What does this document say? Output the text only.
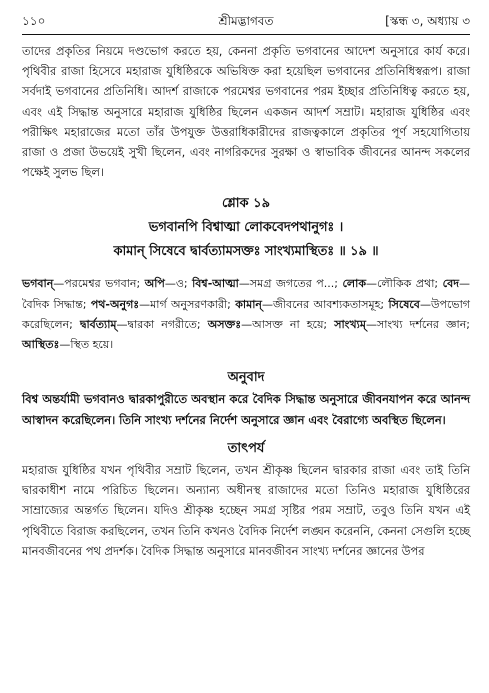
১১০	শ্রীমদ্ভাগবত	[স্কন্ধ ৩, অধ্যায় ৩

তাদের প্রকৃতির নিয়মে দণ্ডভোগ করতে হয়, কেননা প্রকৃতি ভগবানের আদেশ অনুসারে কার্য করে। পৃথিবীর রাজা হিসেবে মহারাজ যুধিষ্ঠিরকে অভিষিক্ত করা হয়েছিল ভগবানের প্রতিনিধিস্বরূপ। রাজা সর্বদাই ভগবানের প্রতিনিধি। আদর্শ রাজাকে পরমেশ্বর ভগবানের পরম ইচ্ছার প্রতিনিধিত্ব করতে হয়, এবং এই সিদ্ধান্ত অনুসারে মহারাজ যুধিষ্ঠির ছিলেন একজন আদর্শ সম্রাট। মহারাজ যুধিষ্ঠির এবং পরীক্ষিৎ মহারাজের মতো তাঁর উপযুক্ত উত্তরাধিকারীদের রাজত্বকালে প্রকৃতির পূর্ণ সহযোগিতায় রাজা ও প্রজা উভয়েই সুখী ছিলেন, এবং নাগরিকদের সুরক্ষা ও স্বাভাবিক জীবনের আনন্দ সকলের পক্ষেই সুলভ ছিল।

শ্লোক ১৯
ভগবানপি বিশ্বাত্মা লোকবেদপথানুগঃ ।
কামান্ সিষেবে দ্বার্বত্যামসক্তঃ সাংখ্যমাস্থিতঃ ॥ ১৯ ॥

ভগবান্—পরমেশ্বর ভগবান; অপি—ও; বিশ্ব-আত্মা—সমগ্র জগতের প...; লোক—লৌকিক প্রথা; বেদ—বৈদিক সিদ্ধান্ত; পথ-অনুগঃ—মার্গ অনুসরণকারী; কামান্—জীবনের আবশ্যকতাসমূহ; সিষেবে—উপভোগ করেছিলেন; দ্বার্বত্যাম্—দ্বারকা নগরীতে; অসক্তঃ—আসক্ত না হয়ে; সাংখ্যম্—সাংখ্য দর্শনের জ্ঞান; আস্থিতঃ—স্থিত হয়ে।

অনুবাদ

বিশ্ব অন্তর্যামী ভগবানও দ্বারকাপুরীতে অবস্থান করে বৈদিক সিদ্ধান্ত অনুসারে জীবনযাপন করে আনন্দ আস্বাদন করেছিলেন। তিনি সাংখ্য দর্শনের নির্দেশ অনুসারে জ্ঞান এবং বৈরাগ্যে অবস্থিত ছিলেন।

তাৎপর্য

মহারাজ যুধিষ্ঠির যখন পৃথিবীর সম্রাট ছিলেন, তখন শ্রীকৃষ্ণ ছিলেন দ্বারকার রাজা এবং তাই তিনি দ্বারকাধীশ নামে পরিচিত ছিলেন। অন্যান্য অধীনস্থ রাজাদের মতো তিনিও মহারাজ যুধিষ্ঠিরের সাম্রাজ্যের অন্তর্গত ছিলেন। যদিও শ্রীকৃষ্ণ হচ্ছেন সমগ্র সৃষ্টির পরম সম্রাট, তবুও তিনি যখন এই পৃথিবীতে বিরাজ করছিলেন, তখন তিনি কখনও বৈদিক নির্দেশ লঙ্ঘন করেননি, কেননা সেগুলি হচ্ছে মানবজীবনের পথ প্রদর্শক। বৈদিক সিদ্ধান্ত অনুসারে মানবজীবন সাংখ্য দর্শনের জ্ঞানের উপর
